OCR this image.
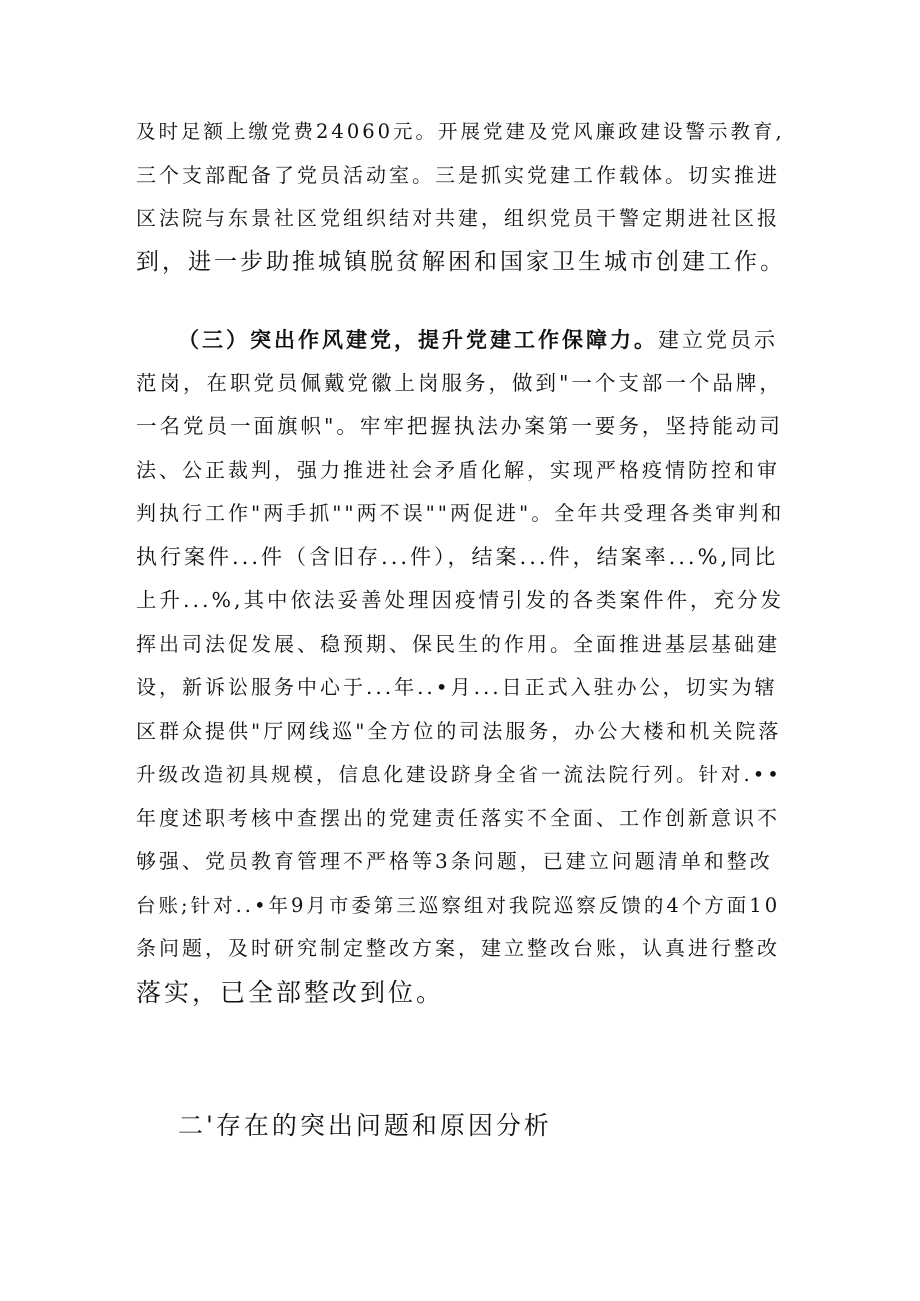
及时足额上缴党费24060元。开展党建及党风廉政建设警示教育,
三个支部配备了党员活动室。三是抓实党建工作载体。切实推进
区法院与东景社区党组织结对共建，组织党员干警定期进社区报
到，进一步助推城镇脱贫解困和国家卫生城市创建工作。
（三）突出作风建党，提升党建工作保障力。建立党员示
范岗，在职党员佩戴党徽上岗服务，做到"一个支部一个品牌，
一名党员一面旗帜"。牢牢把握执法办案第一要务，坚持能动司
法、公正裁判，强力推进社会矛盾化解，实现严格疫情防控和审
判执行工作"两手抓""两不误""两促进"。全年共受理各类审判和
执行案件...件（含旧存...件），结案...件，结案率...%,同比
上升...%,其中依法妥善处理因疫情引发的各类案件件，充分发
挥出司法促发展、稳预期、保民生的作用。全面推进基层基础建
设，新诉讼服务中心于...年..•月...日正式入驻办公，切实为辖
区群众提供"厅网线巡"全方位的司法服务，办公大楼和机关院落
升级改造初具规模，信息化建设跻身全省一流法院行列。针对.••
年度述职考核中查摆出的党建责任落实不全面、工作创新意识不
够强、党员教育管理不严格等3条问题，已建立问题清单和整改
台账;针对..•年9月市委第三巡察组对我院巡察反馈的4个方面10
条问题，及时研究制定整改方案，建立整改台账，认真进行整改
落实，已全部整改到位。
二'存在的突出问题和原因分析
